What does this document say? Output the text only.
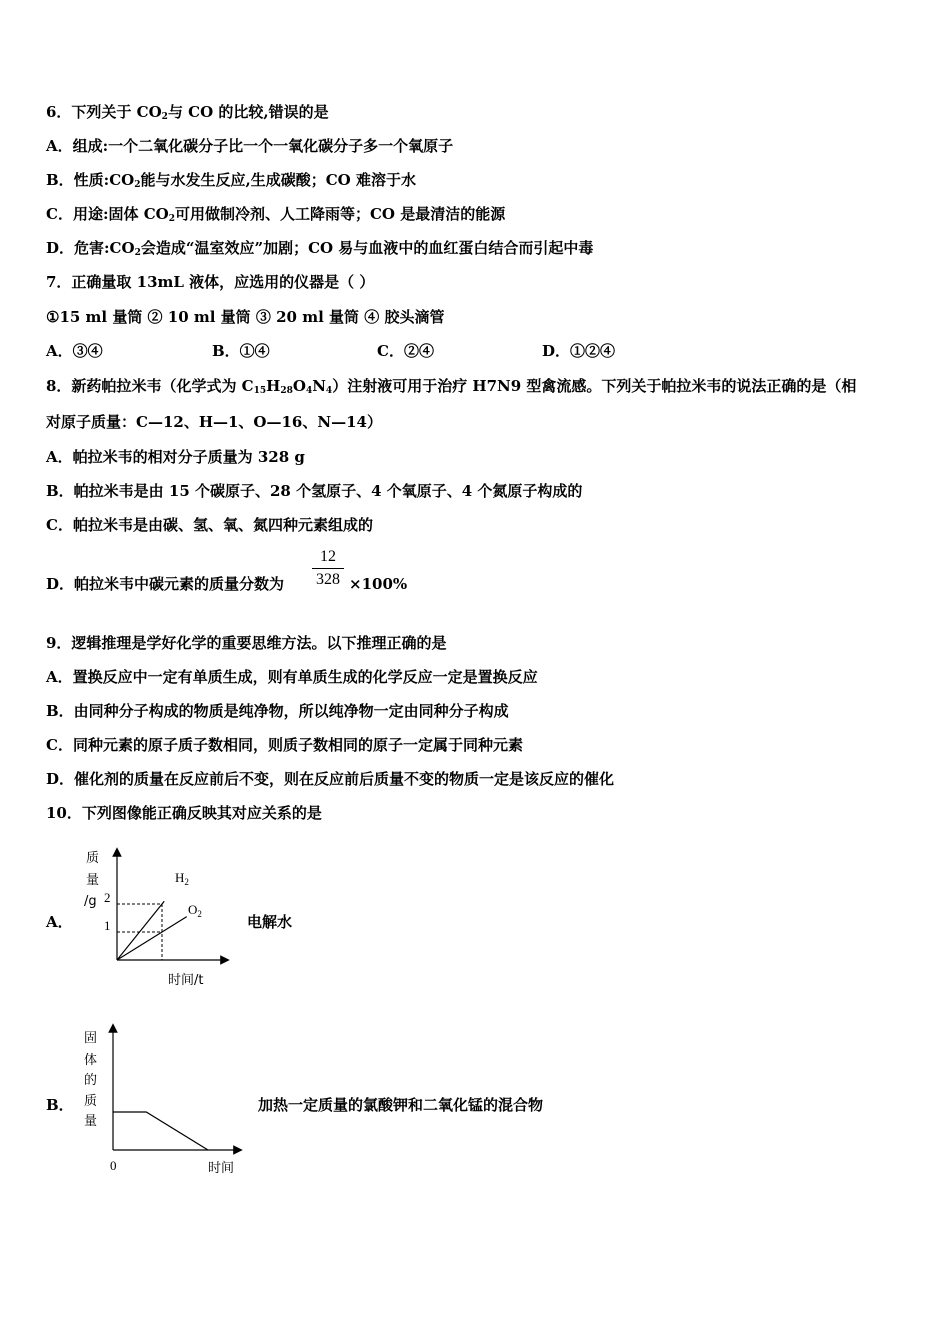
6．下列关于 $CO_2$与 CO 的比较,错误的是
A．组成:一个二氧化碳分子比一个一氧化碳分子多一个氧原子
B．性质$:CO_2$能与水发生反应,生成碳酸；CO 难溶于水
C．用途:固体 $CO_2$可用做制冷剂、人工降雨等；CO 是最清洁的能源
D．危害$:CO_2$会造成“温室效应”加剧；CO 易与血液中的血红蛋白结合而引起中毒
7．正确量取 13mL 液体，应选用的仪器是（ ）
①15 ml 量筒 ② 10 ml 量筒 ③ 20 ml 量筒 ④ 胶头滴管
A．③④	B．①④	C．②④	D．①②④
8．新药帕拉米韦（化学式为 $C_{15}H_{28}O_4N_4$）注射液可用于治疗 H7N9 型禽流感。下列关于帕拉米韦的说法正确的是（相
对原子质量：C—12、H—1、O—16、N—14）
A．帕拉米韦的相对分子质量为 328 g
B．帕拉米韦是由 15 个碳原子、28 个氢原子、4 个氧原子、4 个氮原子构成的
C．帕拉米韦是由碳、氢、氧、氮四种元素组成的
D．帕拉米韦中碳元素的质量分数为
12
328 ×100%
9．逻辑推理是学好化学的重要思维方法。以下推理正确的是
A．置换反应中一定有单质生成，则有单质生成的化学反应一定是置换反应
B．由同种分子构成的物质是纯净物，所以纯净物一定由同种分子构成
C．同种元素的原子质子数相同，则质子数相同的原子一定属于同种元素
D．催化剂的质量在反应前后不变，则在反应前后质量不变的物质一定是该反应的催化
10．下列图像能正确反映其对应关系的是
A．
质
量
/g 2
1
$H_2$
$O_2$
时间/t
电解水
B．
固
体
的
质
量
0	时间
加热一定质量的氯酸钾和二氧化锰的混合物
